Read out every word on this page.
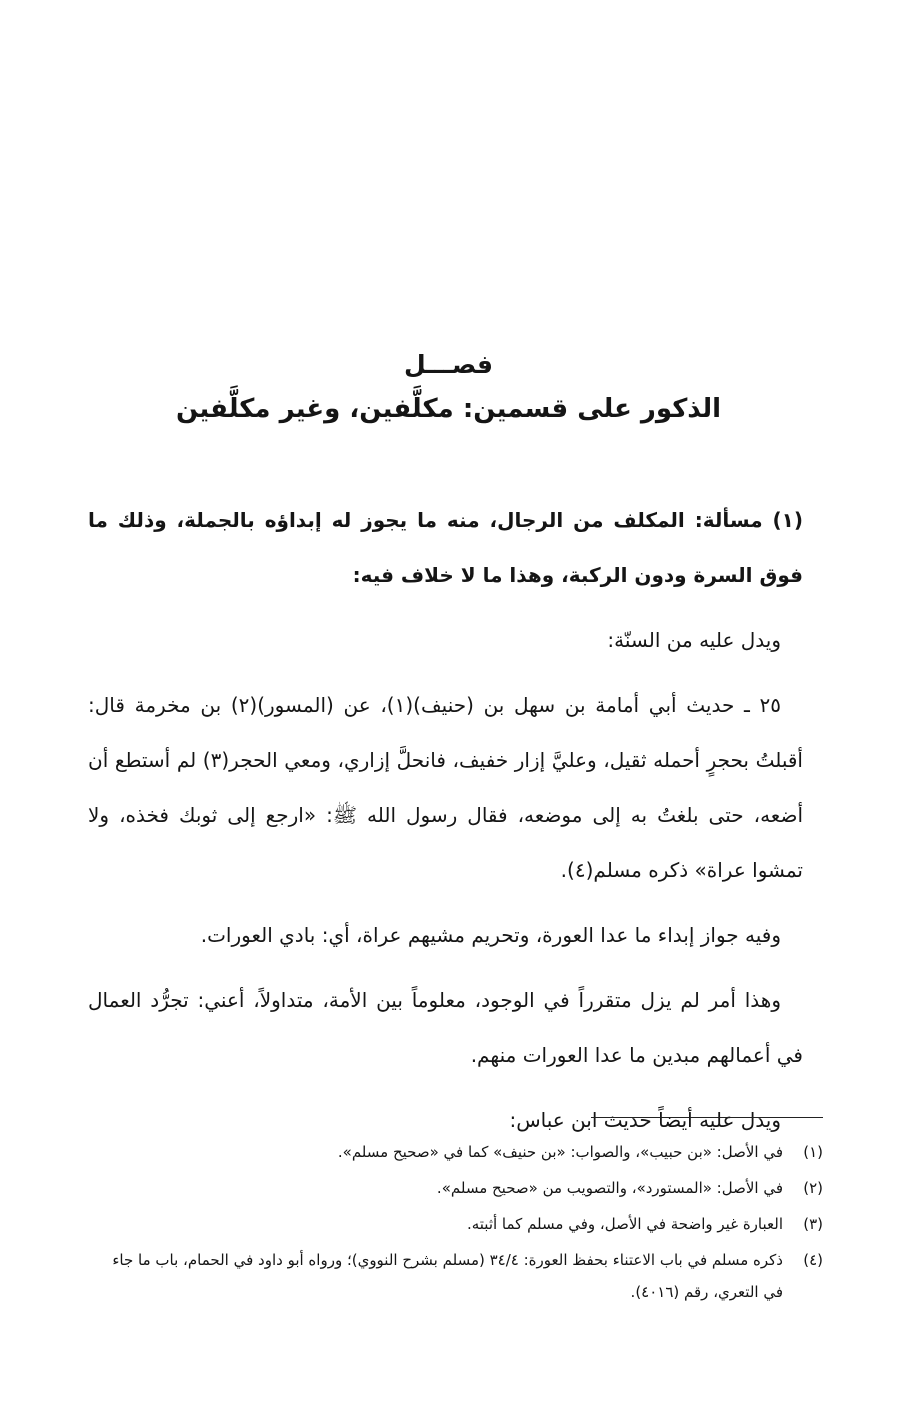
فصـــل
الذكور على قسمين: مكلَّفين، وغير مكلَّفين

(١) مسألة: المكلف من الرجال، منه ما يجوز له إبداؤه بالجملة، وذلك ما فوق السرة ودون الركبة، وهذا ما لا خلاف فيه:

ويدل عليه من السنّة:

٢٥ ـ حديث أبي أمامة بن سهل بن (حنيف)(١)، عن (المسور)(٢) بن مخرمة قال: أقبلتُ بحجرٍ أحمله ثقيل، وعليَّ إزار خفيف، فانحلَّ إزاري، ومعي الحجر(٣) لم أستطع أن أضعه، حتى بلغتُ به إلى موضعه، فقال رسول الله ﷺ: «ارجع إلى ثوبك فخذه، ولا تمشوا عراة» ذكره مسلم(٤).

وفيه جواز إبداء ما عدا العورة، وتحريم مشيهم عراة، أي: بادي العورات.

وهذا أمر لم يزل متقرراً في الوجود، معلوماً بين الأمة، متداولاً، أعني: تجرُّد العمال في أعمالهم مبدين ما عدا العورات منهم.

ويدل عليه أيضاً حديث ابن عباس:

(١)
في الأصل: «بن حبيب»، والصواب: «بن حنيف» كما في «صحيح مسلم».
(٢)
في الأصل: «المستورد»، والتصويب من «صحيح مسلم».
(٣)
العبارة غير واضحة في الأصل، وفي مسلم كما أثبته.
(٤)
ذكره مسلم في باب الاعتناء بحفظ العورة: ٣٤/٤ (مسلم بشرح النووي)؛ ورواه أبو داود في الحمام، باب ما جاء في التعري، رقم (٤٠١٦).
